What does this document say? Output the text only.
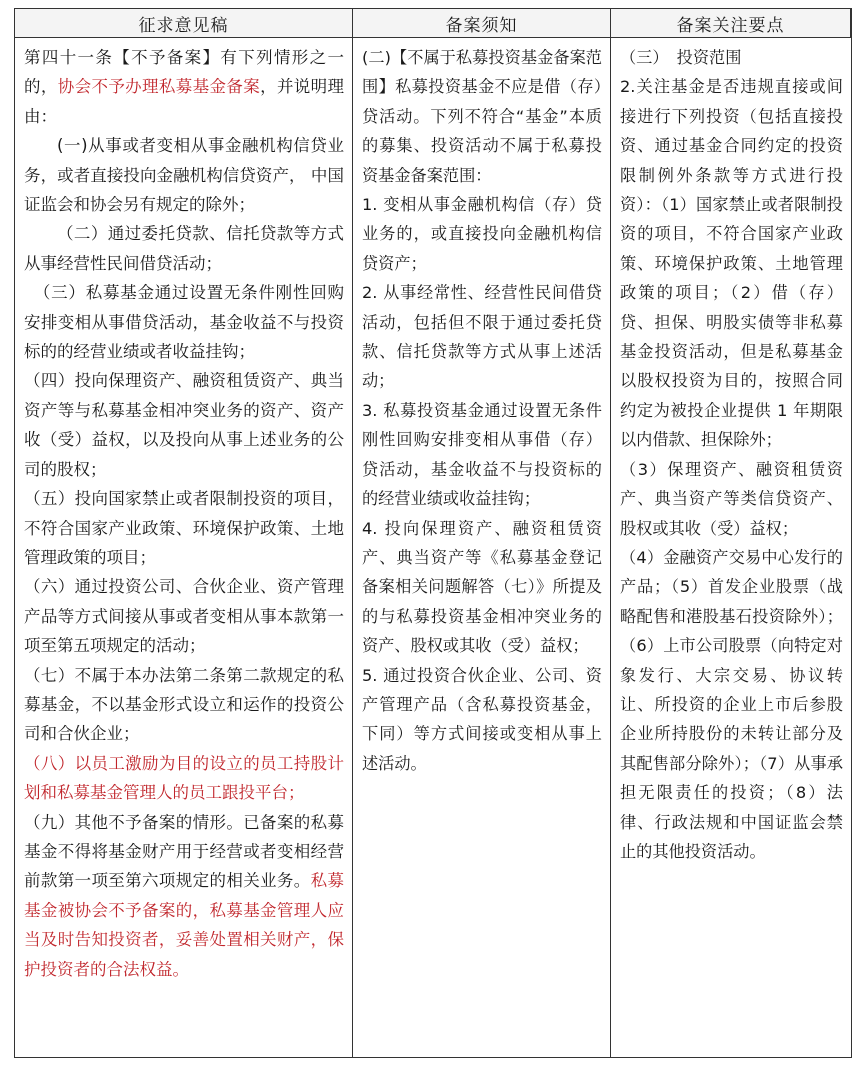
征求意见稿	备案须知	备案关注要点

第四十一条【不予备案】有下列情形之一的，协会不予办理私募基金备案，并说明理由：

(一)从事或者变相从事金融机构信贷业务，或者直接投向金融机构信贷资产， 中国证监会和协会另有规定的除外；

（二）通过委托贷款、信托贷款等方式从事经营性民间借贷活动；

（三）私募基金通过设置无条件刚性回购安排变相从事借贷活动，基金收益不与投资标的的经营业绩或者收益挂钩；

（四）投向保理资产、融资租赁资产、典当资产等与私募基金相冲突业务的资产、资产收（受）益权，以及投向从事上述业务的公司的股权；

（五）投向国家禁止或者限制投资的项目，不符合国家产业政策、环境保护政策、土地管理政策的项目；

（六）通过投资公司、合伙企业、资产管理产品等方式间接从事或者变相从事本款第一项至第五项规定的活动；

（七）不属于本办法第二条第二款规定的私募基金，不以基金形式设立和运作的投资公司和合伙企业；

（八）以员工激励为目的设立的员工持股计划和私募基金管理人的员工跟投平台；

（九）其他不予备案的情形。已备案的私募基金不得将基金财产用于经营或者变相经营前款第一项至第六项规定的相关业务。私募基金被协会不予备案的，私募基金管理人应当及时告知投资者，妥善处置相关财产，保护投资者的合法权益。

(二)【不属于私募投资基金备案范围】私募投资基金不应是借（存）贷活动。下列不符合“基金”本质的募集、投资活动不属于私募投资基金备案范围：

1. 变相从事金融机构信（存）贷业务的，或直接投向金融机构信贷资产；

2. 从事经常性、经营性民间借贷活动，包括但不限于通过委托贷款、信托贷款等方式从事上述活动；

3. 私募投资基金通过设置无条件刚性回购安排变相从事借（存）贷活动，基金收益不与投资标的的经营业绩或收益挂钩；

4. 投向保理资产、融资租赁资产、典当资产等《私募基金登记备案相关问题解答（七）》所提及的与私募投资基金相冲突业务的资产、股权或其收（受）益权；

5. 通过投资合伙企业、公司、资产管理产品（含私募投资基金，下同）等方式间接或变相从事上述活动。

（三）　投资范围

2.关注基金是否违规直接或间接进行下列投资（包括直接投资、通过基金合同约定的投资限制例外条款等方式进行投资）：（1）国家禁止或者限制投资的项目，不符合国家产业政策、环境保护政策、土地管理政策的项目；（2）借（存）贷、担保、明股实债等非私募基金投资活动，但是私募基金以股权投资为目的，按照合同约定为被投企业提供 1 年期限以内借款、担保除外；

（3）保理资产、融资租赁资产、典当资产等类信贷资产、股权或其收（受）益权；

（4）金融资产交易中心发行的产品；（5）首发企业股票（战略配售和港股基石投资除外）；（6）上市公司股票（向特定对象发行、大宗交易、协议转让、所投资的企业上市后参股企业所持股份的未转让部分及其配售部分除外）；（7）从事承担无限责任的投资；（8）法律、行政法规和中国证监会禁止的其他投资活动。
